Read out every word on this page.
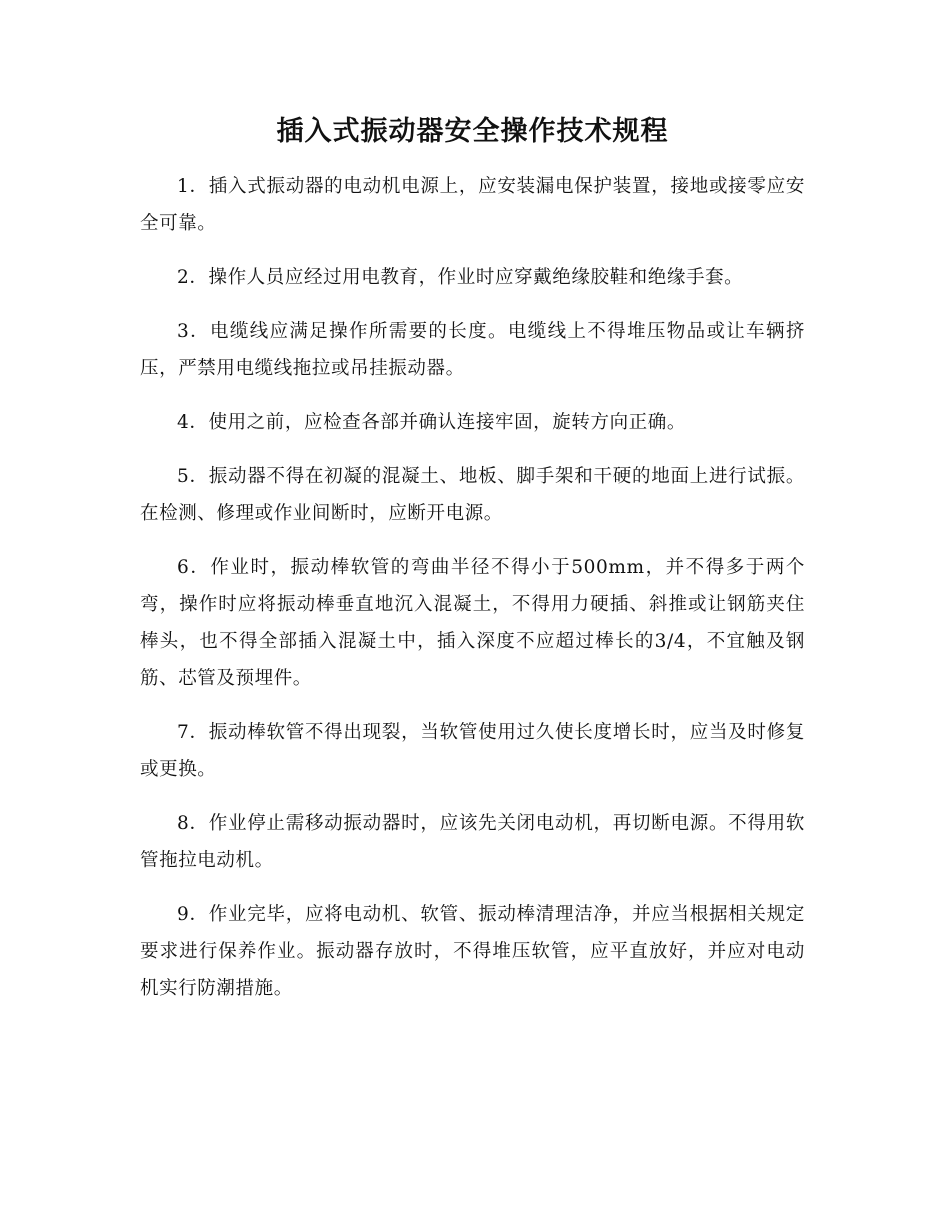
插入式振动器安全操作技术规程

1．插入式振动器的电动机电源上，应安装漏电保护装置，接地或接零应安全可靠。

2．操作人员应经过用电教育，作业时应穿戴绝缘胶鞋和绝缘手套。

3．电缆线应满足操作所需要的长度。电缆线上不得堆压物品或让车辆挤压，严禁用电缆线拖拉或吊挂振动器。

4．使用之前，应检查各部并确认连接牢固，旋转方向正确。

5．振动器不得在初凝的混凝土、地板、脚手架和干硬的地面上进行试振。在检测、修理或作业间断时，应断开电源。

6．作业时，振动棒软管的弯曲半径不得小于500mm，并不得多于两个弯，操作时应将振动棒垂直地沉入混凝土，不得用力硬插、斜推或让钢筋夹住棒头，也不得全部插入混凝土中，插入深度不应超过棒长的3/4，不宜触及钢筋、芯管及预埋件。

7．振动棒软管不得出现裂，当软管使用过久使长度增长时，应当及时修复或更换。

8．作业停止需移动振动器时，应该先关闭电动机，再切断电源。不得用软管拖拉电动机。

9．作业完毕，应将电动机、软管、振动棒清理洁净，并应当根据相关规定要求进行保养作业。振动器存放时，不得堆压软管，应平直放好，并应对电动机实行防潮措施。
